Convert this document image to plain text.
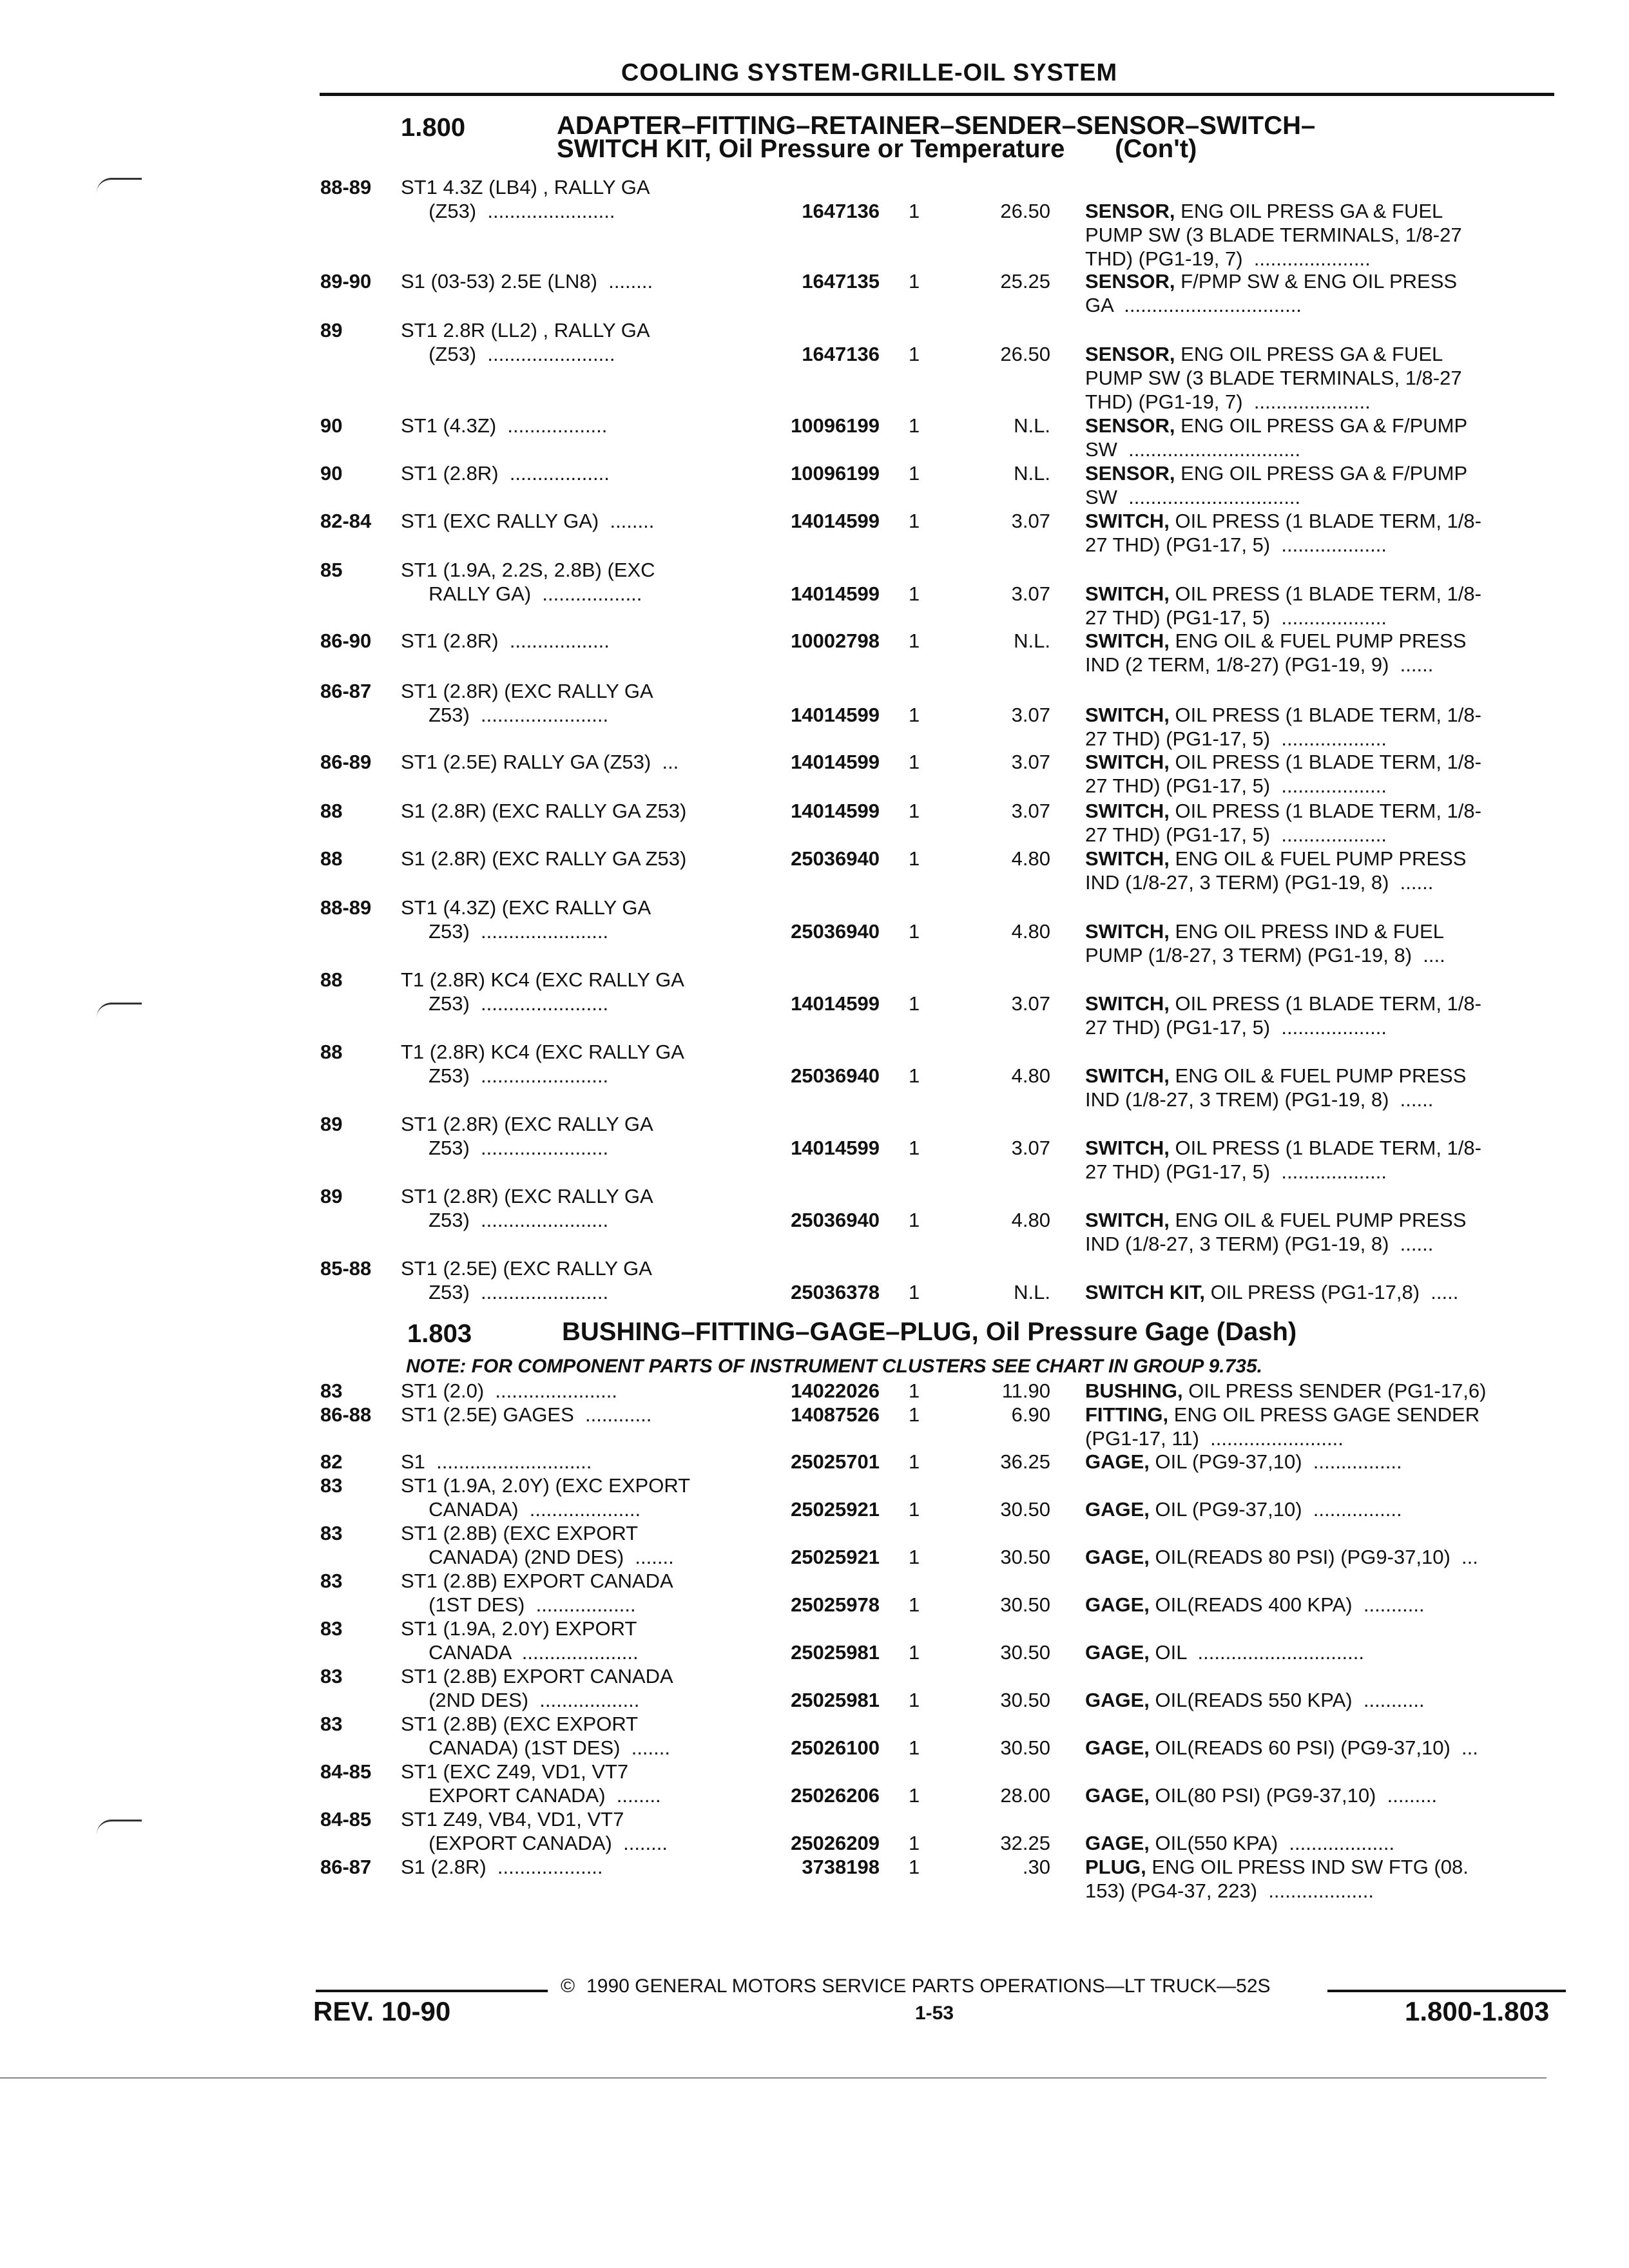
COOLING SYSTEM-GRILLE-OIL SYSTEM
1.800	ADAPTER–FITTING–RETAINER–SENDER–SENSOR–SWITCH–
SWITCH KIT, Oil Pressure or Temperature       (Con't)
88-89 ST1 4.3Z (LB4) , RALLY GA
(Z53)  .......................	1647136 1	26.50 SENSOR, ENG OIL PRESS GA & FUEL
PUMP SW (3 BLADE TERMINALS, 1/8-27
THD) (PG1-19, 7)  .....................
89-90 S1 (03-53) 2.5E (LN8)  ........	1647135 1	25.25 SENSOR, F/PMP SW & ENG OIL PRESS
GA  ................................
89	ST1 2.8R (LL2) , RALLY GA
(Z53)  .......................	1647136 1	26.50 SENSOR, ENG OIL PRESS GA & FUEL
PUMP SW (3 BLADE TERMINALS, 1/8-27
THD) (PG1-19, 7)  .....................
90	ST1 (4.3Z)  ..................	10096199 1	N.L. SENSOR, ENG OIL PRESS GA & F/PUMP
SW  ...............................
90	ST1 (2.8R)  ..................	10096199 1	N.L. SENSOR, ENG OIL PRESS GA & F/PUMP
SW  ...............................
82-84 ST1 (EXC RALLY GA)  ........	14014599 1	3.07 SWITCH, OIL PRESS (1 BLADE TERM, 1/8-
27 THD) (PG1-17, 5)  ...................
85	ST1 (1.9A, 2.2S, 2.8B) (EXC
RALLY GA)  ..................	14014599 1	3.07 SWITCH, OIL PRESS (1 BLADE TERM, 1/8-
27 THD) (PG1-17, 5)  ...................
86-90 ST1 (2.8R)  ..................	10002798 1	N.L. SWITCH, ENG OIL & FUEL PUMP PRESS
IND (2 TERM, 1/8-27) (PG1-19, 9)  ......
86-87 ST1 (2.8R) (EXC RALLY GA
Z53)  .......................	14014599 1	3.07 SWITCH, OIL PRESS (1 BLADE TERM, 1/8-
27 THD) (PG1-17, 5)  ...................
86-89 ST1 (2.5E) RALLY GA (Z53)  ...	14014599 1	3.07 SWITCH, OIL PRESS (1 BLADE TERM, 1/8-
27 THD) (PG1-17, 5)  ...................
88	S1 (2.8R) (EXC RALLY GA Z53)	14014599 1	3.07 SWITCH, OIL PRESS (1 BLADE TERM, 1/8-
27 THD) (PG1-17, 5)  ...................
88	S1 (2.8R) (EXC RALLY GA Z53)	25036940 1	4.80 SWITCH, ENG OIL & FUEL PUMP PRESS
IND (1/8-27, 3 TERM) (PG1-19, 8)  ......
88-89 ST1 (4.3Z) (EXC RALLY GA
Z53)  .......................	25036940 1	4.80 SWITCH, ENG OIL PRESS IND & FUEL
PUMP (1/8-27, 3 TERM) (PG1-19, 8)  ....
88	T1 (2.8R) KC4 (EXC RALLY GA
Z53)  .......................	14014599 1	3.07 SWITCH, OIL PRESS (1 BLADE TERM, 1/8-
27 THD) (PG1-17, 5)  ...................
88	T1 (2.8R) KC4 (EXC RALLY GA
Z53)  .......................	25036940 1	4.80 SWITCH, ENG OIL & FUEL PUMP PRESS
IND (1/8-27, 3 TREM) (PG1-19, 8)  ......
89	ST1 (2.8R) (EXC RALLY GA
Z53)  .......................	14014599 1	3.07 SWITCH, OIL PRESS (1 BLADE TERM, 1/8-
27 THD) (PG1-17, 5)  ...................
89	ST1 (2.8R) (EXC RALLY GA
Z53)  .......................	25036940 1	4.80 SWITCH, ENG OIL & FUEL PUMP PRESS
IND (1/8-27, 3 TERM) (PG1-19, 8)  ......
85-88 ST1 (2.5E) (EXC RALLY GA
Z53)  .......................	25036378 1	N.L. SWITCH KIT, OIL PRESS (PG1-17,8)  .....
1.803	BUSHING–FITTING–GAGE–PLUG, Oil Pressure Gage (Dash)
NOTE: FOR COMPONENT PARTS OF INSTRUMENT CLUSTERS SEE CHART IN GROUP 9.735.
83	ST1 (2.0)  ......................	14022026 1	11.90 BUSHING, OIL PRESS SENDER (PG1-17,6)
86-88 ST1 (2.5E) GAGES  ............	14087526 1	6.90 FITTING, ENG OIL PRESS GAGE SENDER
(PG1-17, 11)  ........................
82	S1  ............................	25025701 1	36.25 GAGE, OIL (PG9-37,10)  ................
83	ST1 (1.9A, 2.0Y) (EXC EXPORT
CANADA)  ....................	25025921 1	30.50 GAGE, OIL (PG9-37,10)  ................
83	ST1 (2.8B) (EXC EXPORT
CANADA) (2ND DES)  .......	25025921 1	30.50 GAGE, OIL(READS 80 PSI) (PG9-37,10)  ...
83	ST1 (2.8B) EXPORT CANADA
(1ST DES)  ..................	25025978 1	30.50 GAGE, OIL(READS 400 KPA)  ...........
83	ST1 (1.9A, 2.0Y) EXPORT
CANADA  .....................	25025981 1	30.50 GAGE, OIL  ..............................
83	ST1 (2.8B) EXPORT CANADA
(2ND DES)  ..................	25025981 1	30.50 GAGE, OIL(READS 550 KPA)  ...........
83	ST1 (2.8B) (EXC EXPORT
CANADA) (1ST DES)  .......	25026100 1	30.50 GAGE, OIL(READS 60 PSI) (PG9-37,10)  ...
84-85 ST1 (EXC Z49, VD1, VT7
EXPORT CANADA)  ........	25026206 1	28.00 GAGE, OIL(80 PSI) (PG9-37,10)  .........
84-85 ST1 Z49, VB4, VD1, VT7
(EXPORT CANADA)  ........	25026209 1	32.25 GAGE, OIL(550 KPA)  ...................
86-87 S1 (2.8R)  ...................	3738198 1	.30 PLUG, ENG OIL PRESS IND SW FTG (08.
153) (PG4-37, 223)  ...................
© 1990 GENERAL MOTORS SERVICE PARTS OPERATIONS—LT TRUCK—52S
REV. 10-90	1-53	1.800-1.803
